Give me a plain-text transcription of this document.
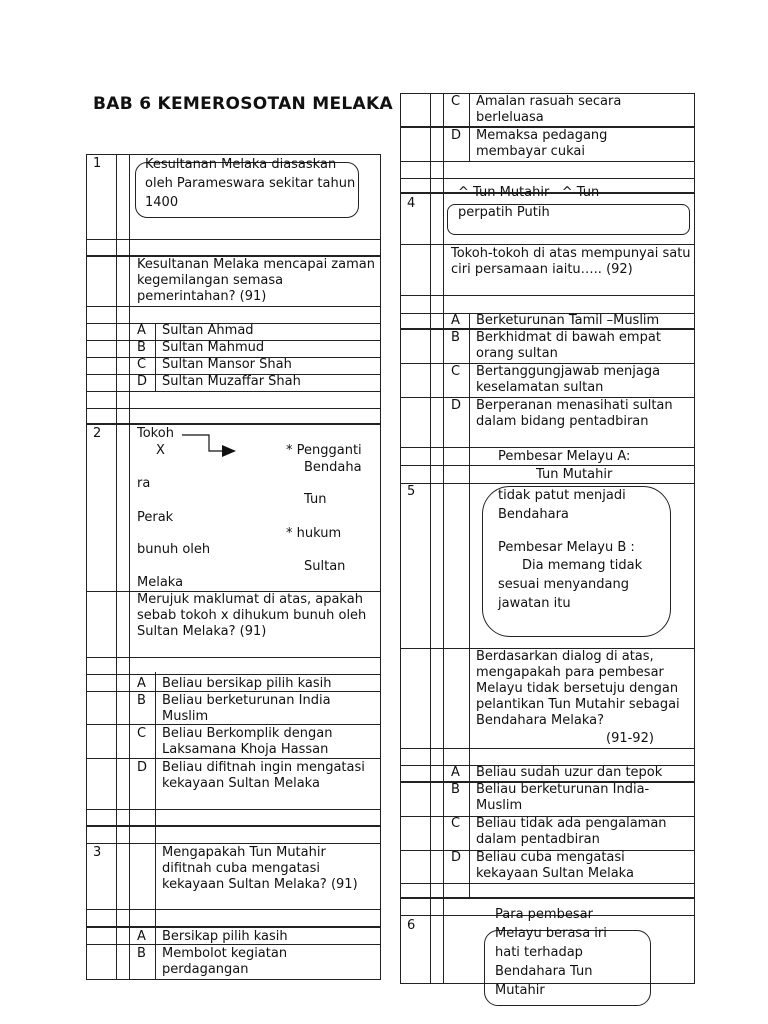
BAB 6 KEMEROSOTAN MELAKA
1	Kesultanan Melaka diasaskan oleh Parameswara sekitar tahun 1400
Kesultanan Melaka mencapai zaman kegemilangan semasa pemerintahan? (91)
A Sultan Ahmad
B Sultan Mahmud
C Sultan Mansor Shah
D Sultan Muzaffar Shah
2	Tokoh
X	* Pengganti
Bendaha
ra
Tun
Perak
* hukum
bunuh oleh
Sultan
Melaka
Merujuk maklumat di atas, apakah sebab tokoh x dihukum bunuh oleh Sultan Melaka? (91)
A Beliau bersikap pilih kasih
B Beliau berketurunan India Muslim
C Beliau Berkomplik dengan Laksamana Khoja Hassan
D Beliau difitnah ingin mengatasi kekayaan Sultan Melaka
3	Mengapakah Tun Mutahir difitnah cuba mengatasi kekayaan Sultan Melaka? (91)
A Bersikap pilih kasih
B Membolot kegiatan perdagangan
C Amalan rasuah secara berleluasa
D Memaksa pedagang membayar cukai
4
^ Tun Mutahir   ^ Tun
perpatih Putih
Tokoh-tokoh di atas mempunyai satu ciri persamaan iaitu….. (92)
A Berketurunan Tamil –Muslim
B Berkhidmat di bawah empat orang sultan
C Bertanggungjawab menjaga keselamatan sultan
D Berperanan menasihati sultan dalam bidang pentadbiran
Pembesar Melayu A:
Tun Mutahir
5	tidak patut menjadi Bendahara
Pembesar Melayu B :
Dia memang tidak sesuai menyandang jawatan itu
Berdasarkan dialog di atas, mengapakah para pembesar Melayu tidak bersetuju dengan pelantikan Tun Mutahir sebagai Bendahara Melaka?
(91-92)
A Beliau sudah uzur dan tepok
B Beliau berketurunan India-Muslim
C Beliau tidak ada pengalaman dalam pentadbiran
D Beliau cuba mengatasi kekayaan Sultan Melaka
6
Para pembesar Melayu berasa iri hati terhadap Bendahara Tun Mutahir
